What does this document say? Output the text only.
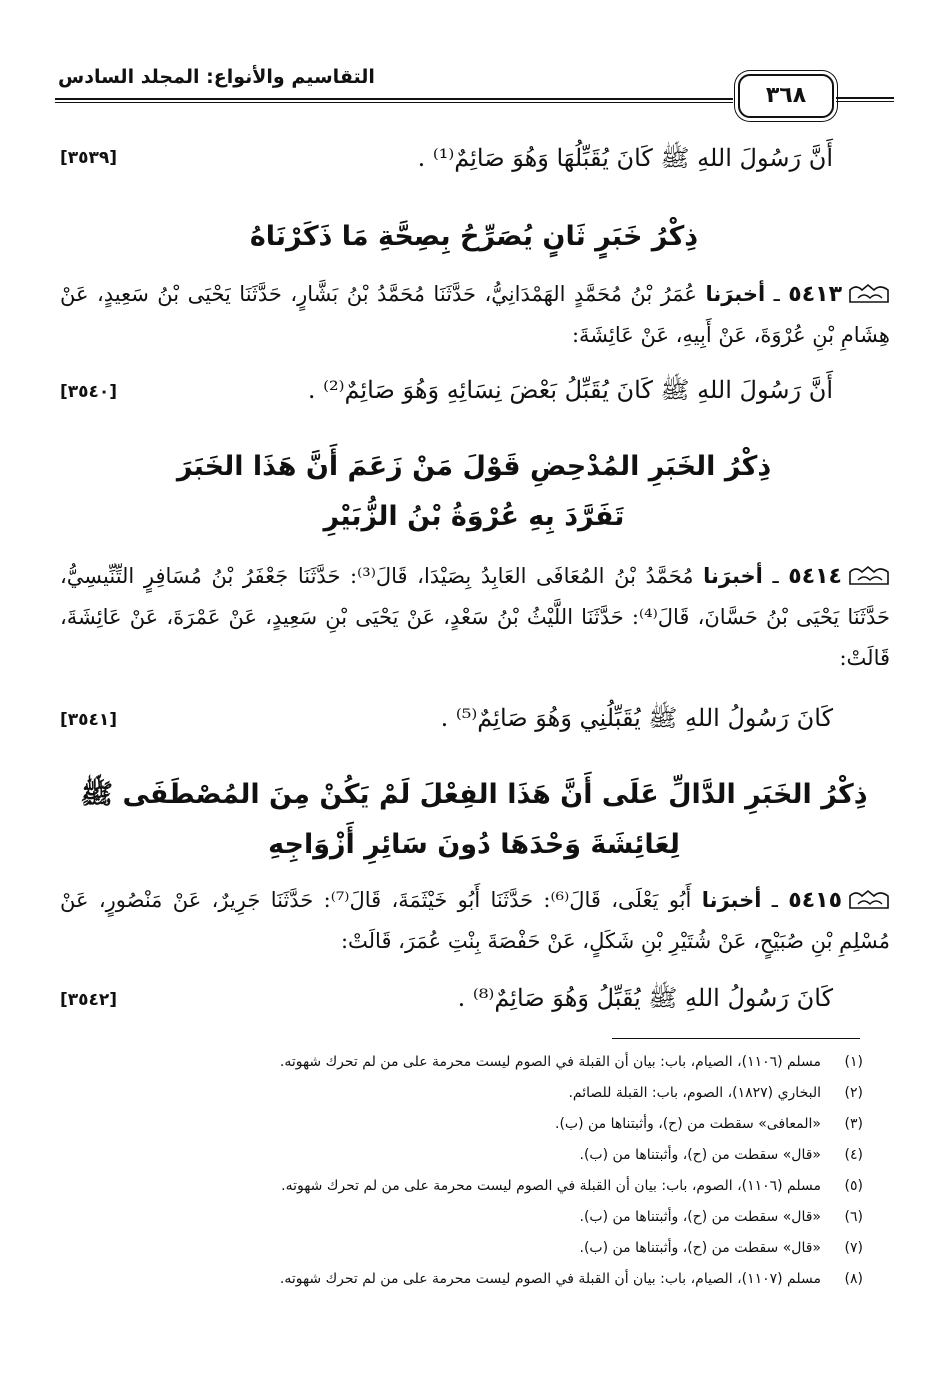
التقاسيم والأنواع: المجلد السادس
٣٦٨
أَنَّ رَسُولَ اللهِ ﷺ كَانَ يُقَبِّلُهَا وَهُوَ صَائِمٌ⁽¹⁾ .
[٣٥٣٩]
ذِكْرُ خَبَرٍ ثَانٍ يُصَرِّحُ بِصِحَّةِ مَا ذَكَرْنَاهُ
٥٤١٣ ـ أخبرَنا عُمَرُ بْنُ مُحَمَّدٍ الهَمْدَانِيُّ، حَدَّثَنَا مُحَمَّدُ بْنُ بَشَّارٍ، حَدَّثَنَا يَحْيَى بْنُ سَعِيدٍ، عَنْ هِشَامِ بْنِ عُرْوَةَ، عَنْ أَبِيهِ، عَنْ عَائِشَةَ:
أَنَّ رَسُولَ اللهِ ﷺ كَانَ يُقَبِّلُ بَعْضَ نِسَائِهِ وَهُوَ صَائِمٌ⁽²⁾ .
[٣٥٤٠]
ذِكْرُ الخَبَرِ المُدْحِضِ قَوْلَ مَنْ زَعَمَ أَنَّ هَذَا الخَبَرَ
تَفَرَّدَ بِهِ عُرْوَةُ بْنُ الزُّبَيْرِ
٥٤١٤ ـ أخبرَنا مُحَمَّدُ بْنُ المُعَافَى العَابِدُ بِصَيْدَا، قَالَ⁽³⁾: حَدَّثَنَا جَعْفَرُ بْنُ مُسَافِرٍ التِّنِّيسِيُّ، حَدَّثَنَا يَحْيَى بْنُ حَسَّانَ، قَالَ⁽⁴⁾: حَدَّثَنَا اللَّيْثُ بْنُ سَعْدٍ، عَنْ يَحْيَى بْنِ سَعِيدٍ، عَنْ عَمْرَةَ، عَنْ عَائِشَةَ، قَالَتْ:
كَانَ رَسُولُ اللهِ ﷺ يُقَبِّلُنِي وَهُوَ صَائِمٌ⁽⁵⁾ .
[٣٥٤١]
ذِكْرُ الخَبَرِ الدَّالِّ عَلَى أَنَّ هَذَا الفِعْلَ لَمْ يَكُنْ مِنَ المُصْطَفَى ﷺ
لِعَائِشَةَ وَحْدَهَا دُونَ سَائِرِ أَزْوَاجِهِ
٥٤١٥ ـ أخبرَنا أَبُو يَعْلَى، قَالَ⁽⁶⁾: حَدَّثَنَا أَبُو خَيْثَمَةَ، قَالَ⁽⁷⁾: حَدَّثَنَا جَرِيرٌ، عَنْ مَنْصُورٍ، عَنْ مُسْلِمِ بْنِ صُبَيْحٍ، عَنْ شُتَيْرِ بْنِ شَكَلٍ، عَنْ حَفْصَةَ بِنْتِ عُمَرَ، قَالَتْ:
كَانَ رَسُولُ اللهِ ﷺ يُقَبِّلُ وَهُوَ صَائِمٌ⁽⁸⁾ .
[٣٥٤٢]
(١)مسلم (١١٠٦)، الصيام، باب: بيان أن القبلة في الصوم ليست محرمة على من لم تحرك شهوته.
(٢)البخاري (١٨٢٧)، الصوم، باب: القبلة للصائم.
(٣)«المعافى» سقطت من (ح)، وأثبتناها من (ب).
(٤)«قال» سقطت من (ح)، وأثبتناها من (ب).
(٥)مسلم (١١٠٦)، الصوم، باب: بيان أن القبلة في الصوم ليست محرمة على من لم تحرك شهوته.
(٦)«قال» سقطت من (ح)، وأثبتناها من (ب).
(٧)«قال» سقطت من (ح)، وأثبتناها من (ب).
(٨)مسلم (١١٠٧)، الصيام، باب: بيان أن القبلة في الصوم ليست محرمة على من لم تحرك شهوته.
